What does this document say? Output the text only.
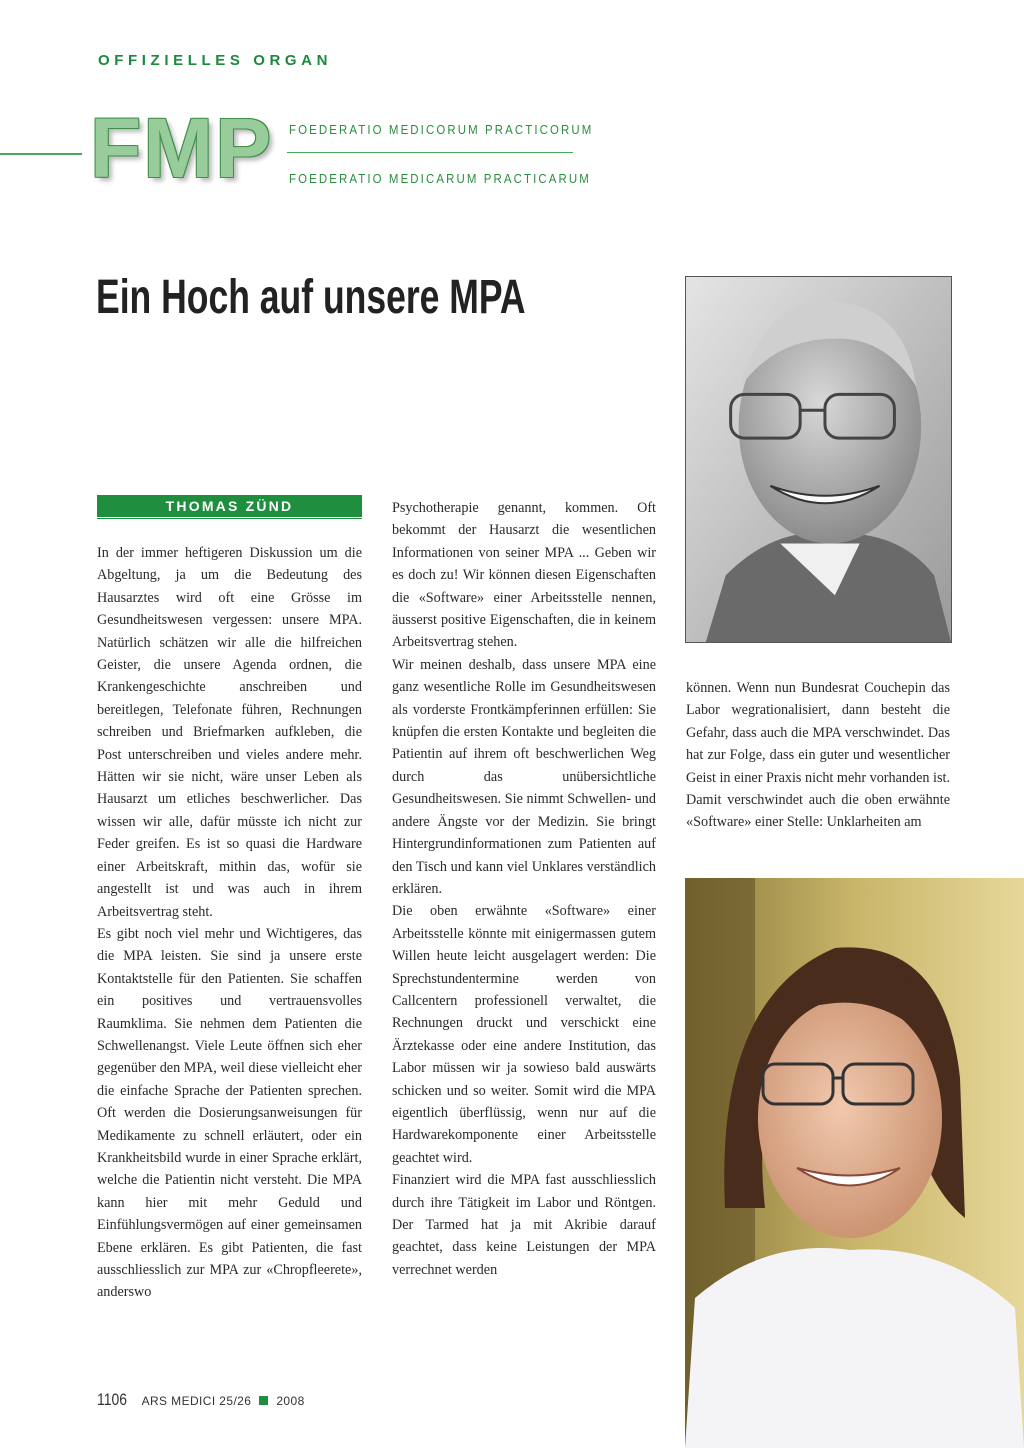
OFFIZIELLES ORGAN
FMP FOEDERATIO MEDICORUM PRACTICORUM
FOEDERATIO MEDICARUM PRACTICARUM
Ein Hoch auf unsere MPA
THOMAS ZÜND

In der immer heftigeren Diskussion um die Abgeltung, ja um die Bedeutung des Hausarztes wird oft eine Grösse im Gesundheitswesen vergessen: unsere MPA. Natürlich schätzen wir alle die hilfreichen Geister, die unsere Agenda ordnen, die Krankengeschichte anschreiben und bereitlegen, Telefonate führen, Rechnungen schreiben und Briefmarken aufkleben, die Post unterschreiben und vieles andere mehr. Hätten wir sie nicht, wäre unser Leben als Hausarzt um etliches beschwerlicher. Das wissen wir alle, dafür müsste ich nicht zur Feder greifen. Es ist so quasi die Hardware einer Arbeitskraft, mithin das, wofür sie angestellt ist und was auch in ihrem Arbeitsvertrag steht.

Es gibt noch viel mehr und Wichtigeres, das die MPA leisten. Sie sind ja unsere erste Kontaktstelle für den Patienten. Sie schaffen ein positives und vertrauensvolles Raumklima. Sie nehmen dem Patienten die Schwellenangst. Viele Leute öffnen sich eher gegenüber den MPA, weil diese vielleicht eher die einfache Sprache der Patienten sprechen. Oft werden die Dosierungsanweisungen für Medikamente zu schnell erläutert, oder ein Krankheitsbild wurde in einer Sprache erklärt, welche die Patientin nicht versteht. Die MPA kann hier mit mehr Geduld und Einfühlungsvermögen auf einer gemeinsamen Ebene erklären. Es gibt Patienten, die fast ausschliesslich zur MPA zur «Chropfleerete», anderswo

Psychotherapie genannt, kommen. Oft bekommt der Hausarzt die wesentlichen Informationen von seiner MPA ... Geben wir es doch zu! Wir können diesen Eigenschaften die «Software» einer Arbeitsstelle nennen, äusserst positive Eigenschaften, die in keinem Arbeitsvertrag stehen.

Wir meinen deshalb, dass unsere MPA eine ganz wesentliche Rolle im Gesundheitswesen als vorderste Frontkämpferinnen erfüllen: Sie knüpfen die ersten Kontakte und begleiten die Patientin auf ihrem oft beschwerlichen Weg durch das unübersichtliche Gesundheitswesen. Sie nimmt Schwellen- und andere Ängste vor der Medizin. Sie bringt Hintergrundinformationen zum Patienten auf den Tisch und kann viel Unklares verständlich erklären.

Die oben erwähnte «Software» einer Arbeitsstelle könnte mit einigermassen gutem Willen heute leicht ausgelagert werden: Die Sprechstundentermine werden von Callcentern professionell verwaltet, die Rechnungen druckt und verschickt eine Ärztekasse oder eine andere Institution, das Labor müssen wir ja sowieso bald auswärts schicken und so weiter. Somit wird die MPA eigentlich überflüssig, wenn nur auf die Hardwarekomponente einer Arbeitsstelle geachtet wird.

Finanziert wird die MPA fast ausschliesslich durch ihre Tätigkeit im Labor und Röntgen. Der Tarmed hat ja mit Akribie darauf geachtet, dass keine Leistungen der MPA verrechnet werden

können. Wenn nun Bundesrat Couchepin das Labor wegrationalisiert, dann besteht die Gefahr, dass auch die MPA verschwindet. Das hat zur Folge, dass ein guter und wesentlicher Geist in einer Praxis nicht mehr vorhanden ist. Damit verschwindet auch die oben erwähnte «Software» einer Stelle: Unklarheiten am

1106 ARS MEDICI 25/26 2008
